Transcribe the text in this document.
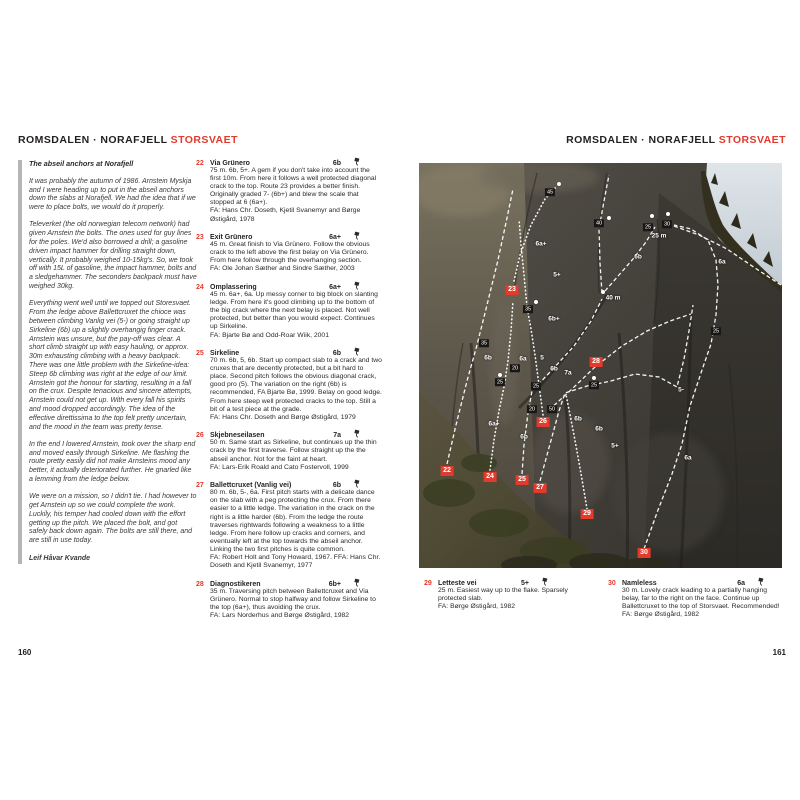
ROMSDALEN · NORAFJELL STORSVAET
The abseil anchors at Norafjell

It was probably the autumn of 1986. Arnstein Myskja and I were heading up to put in the abseil anchors down the slabs at Norafjell. We had the idea that if we were to place bolts, we would do it properly.

Televerket (the old norwegian telecom network) had given Arnstein the bolts. The ones used for guy lines for the poles. We'd also borrowed a drill; a gasoline driven impact hammer for drilling straight down, vertically. It probably weighed 10-15kg's. So, we took off with 15L of gasoline, the impact hammer, bolts and a sledgehammer. The seconders backpack must have weighed 30kg.

Everything went well until we topped out Storesvaet. From the ledge above Ballettcruxet the chioce was between climbing Vanlig vei (5-) or going straight up Sirkeline (6b) up a slightly overhangig finger crack. Arnstein was unsure, but the pay-off was clear. A short climb straight up with easy hauling, or approx. 30m exhausting climbing with a heavy backpack. There was one little problem with the Sirkeline-idea: Steep 6b climbing was right at the edge of our limit. Arnstein got the honour for starting, resulting in a fall on the crux. Despite tenacious and sincere attempts, Arnstein could not get up. With every fall his spirits and mood dropped accordingly. The idea of the effective direttissima to the top felt pretty uncertain, and the mood in the team was pretty tense.

In the end I lowered Arnstein, took over the sharp end and moved easily through Sirkeline. Me flashing the route pretty easily did not make Arnsteins mood any better, it actually deteriorated further. He gnarled like a lemming from the ledge below.

We were on a mission, so I didn't tie. I had however to get Arnstein up so we could complete the work. Luckily, his temper had cooled down with the effort getting up the pitch. We placed the bolt, and got safely back down again. The bolts are still there, and are still in use today.

Leif Håvar Kvande
22 Via Grünero	6b
75 m. 6b, 5+. A gem if you don't take into account the first 10m. From here it follows a well protected diagonal crack to the top. Route 23 provides a better finish. Originally graded 7- (6b+) and blew the scale that stopped at 6 (6a+).
FA: Hans Chr. Doseth, Kjetil Svanemyr and Børge Østigård, 1978
23 Exit Grünero	6a+
45 m. Great finish to Via Grünero. Follow the obvious crack to the left above the first belay on Via Grünero. From here follow through the overhanging section.
FA: Ole Johan Sæther and Sindre Sæther, 2003
24 Omplassering	6a+
45 m. 6a+, 6a. Up messy corner to big block on slanting ledge. From here it's good climbing up to the bottom of the big crack where the next belay is placed. Not well protected, but better than you would expect. Continues up Sirkeline.
FA: Bjarte Bø and Odd-Roar Wiik, 2001
25 Sirkeline	6b
70 m. 6b, 5, 6b. Start up compact slab to a crack and two cruxes that are decently protected, but a bit hard to place. Second pitch follows the obvious diagonal crack, good pro (5). The variation on the right (6b) is recommended, FA Bjarte Bø, 1999. Belay on good ledge. From here steep well protected cracks to the top. Still a bit of a test piece at the grade.
FA: Hans Chr. Doseth and Børge Østigård, 1979
26 Skjebneseilasen	7a
50 m. Same start as Sirkeline, but continues up the thin crack by the first traverse. Follow straight up the the abseil anchor. Not for the faint at heart.
FA: Lars-Erik Roald and Cato Fostervoll, 1999
27 Ballettcruxet (Vanlig vei)	6b
80 m. 6b, 5-, 6a. First pitch starts with a delicate dance on the slab with a peg protecting the crux. From there easier to a little ledge. The variation in the crack on the right is a little harder (6b). From the ledge the route traverses rightwards following a weakness to a little ledge. From here follow up cracks and corners, and eventually left at the top towards the abseil anchor. Linking the two first pitches is quite common.
FA: Robert Holt and Tony Howard, 1967. FFA: Hans Chr. Doseth and Kjetil Svanemyr, 1977
28 Diagnostikeren	6b+
35 m. Traversing pitch between Ballettcruxet and Via Grünero. Normal to stop halfway and follow Sirkeline to the top (6a+), thus avoiding the crux.
FA: Lars Norderhus and Børge Østigård, 1982
160
ROMSDALEN · NORAFJELL STORSVAET
6a+
5+
6b
6a
6b+
6a+
6b
6b
6b
5+
5-
6a
6b	6a 5
6b
7a
45
40
25	30
35
35
25
25
25
20	50
25
20
25 m
40 m
22
23
24	25
26
27
28
29
30
29 Letteste vei	5+
25 m. Easiest way up to the flake. Sparsely protected slab.
FA: Børge Østigård, 1982
30 Namleless	6a
30 m. Lovely crack leading to a partially hanging belay, far to the right on the face. Continue up Ballettcruxet to the top of Storsvaet. Recommended!
FA: Børge Østigård, 1982
161
